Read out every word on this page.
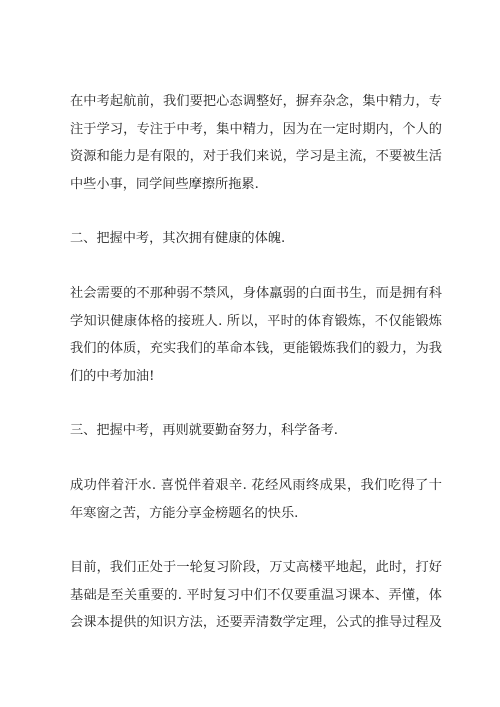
在中考起航前，我们要把心态调整好，摒弃杂念，集中精力，专
注于学习，专注于中考，集中精力，因为在一定时期内，个人的
资源和能力是有限的，对于我们来说，学习是主流，不要被生活
中些小事，同学间些摩擦所拖累.
二、把握中考，其次拥有健康的体魄.
社会需要的不那种弱不禁风，身体羸弱的白面书生，而是拥有科
学知识健康体格的接班人. 所以，平时的体育锻炼，不仅能锻炼
我们的体质，充实我们的革命本钱，更能锻炼我们的毅力，为我
们的中考加油!
三、把握中考，再则就要勤奋努力，科学备考.
成功伴着汗水. 喜悦伴着艰辛. 花经风雨终成果，我们吃得了十
年寒窗之苦，方能分享金榜题名的快乐.
目前，我们正处于一轮复习阶段，万丈高楼平地起，此时，打好
基础是至关重要的. 平时复习中们不仅要重温习课本、弄懂，体
会课本提供的知识方法，还要弄清数学定理，公式的推导过程及
